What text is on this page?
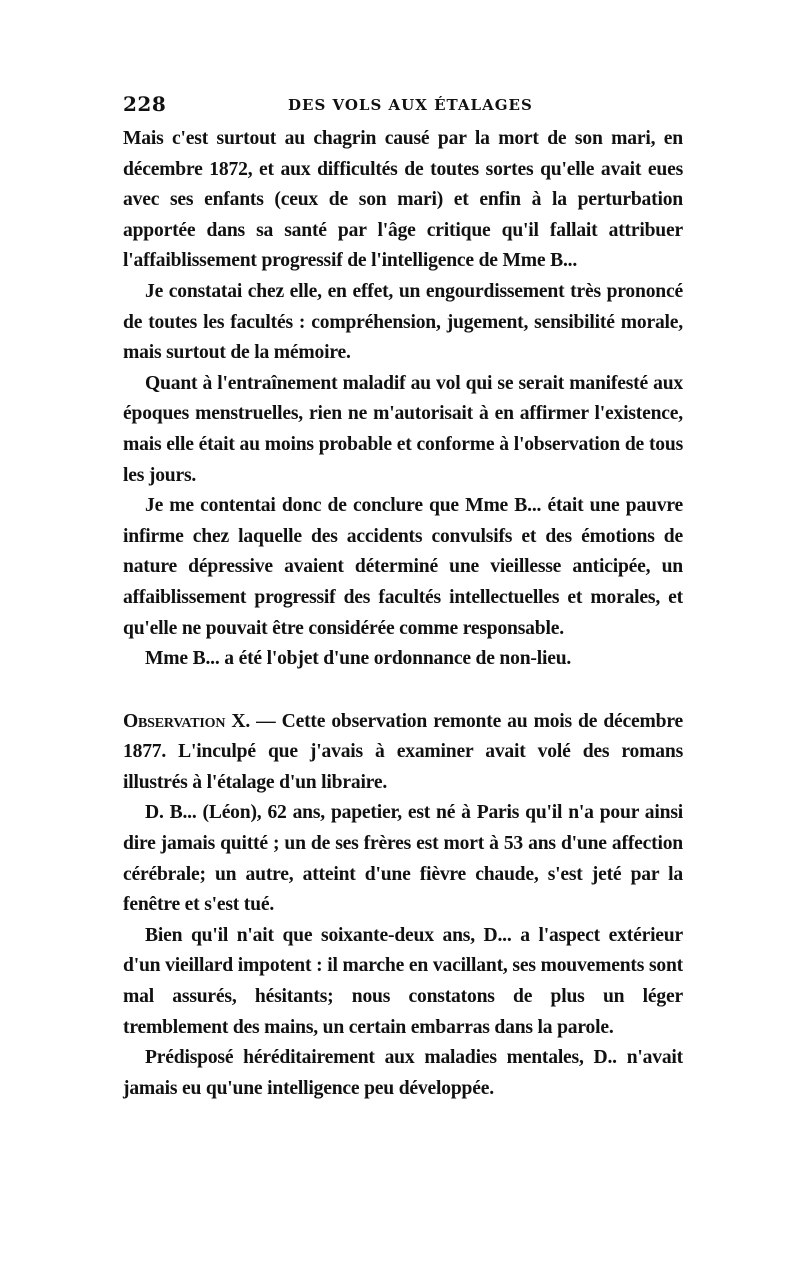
228	DES VOLS AUX ÉTALAGES

Mais c'est surtout au chagrin causé par la mort de son mari, en décembre 1872, et aux difficultés de toutes sortes qu'elle avait eues avec ses enfants (ceux de son mari) et enfin à la perturbation apportée dans sa santé par l'âge critique qu'il fallait attribuer l'affaiblissement progressif de l'intelligence de Mme B...

Je constatai chez elle, en effet, un engourdissement très prononcé de toutes les facultés : compréhension, jugement, sensibilité morale, mais surtout de la mémoire.

Quant à l'entraînement maladif au vol qui se serait manifesté aux époques menstruelles, rien ne m'autorisait à en affirmer l'existence, mais elle était au moins probable et conforme à l'observation de tous les jours.

Je me contentai donc de conclure que Mme B... était une pauvre infirme chez laquelle des accidents convulsifs et des émotions de nature dépressive avaient déterminé une vieillesse anticipée, un affaiblissement progressif des facultés intellectuelles et morales, et qu'elle ne pouvait être considérée comme responsable.

Mme B... a été l'objet d'une ordonnance de non-lieu.

Observation X. — Cette observation remonte au mois de décembre 1877. L'inculpé que j'avais à examiner avait volé des romans illustrés à l'étalage d'un libraire.

D. B... (Léon), 62 ans, papetier, est né à Paris qu'il n'a pour ainsi dire jamais quitté ; un de ses frères est mort à 53 ans d'une affection cérébrale; un autre, atteint d'une fièvre chaude, s'est jeté par la fenêtre et s'est tué.

Bien qu'il n'ait que soixante-deux ans, D... a l'aspect extérieur d'un vieillard impotent : il marche en vacillant, ses mouvements sont mal assurés, hésitants; nous constatons de plus un léger tremblement des mains, un certain embarras dans la parole.

Prédisposé héréditairement aux maladies mentales, D.. n'avait jamais eu qu'une intelligence peu développée.
